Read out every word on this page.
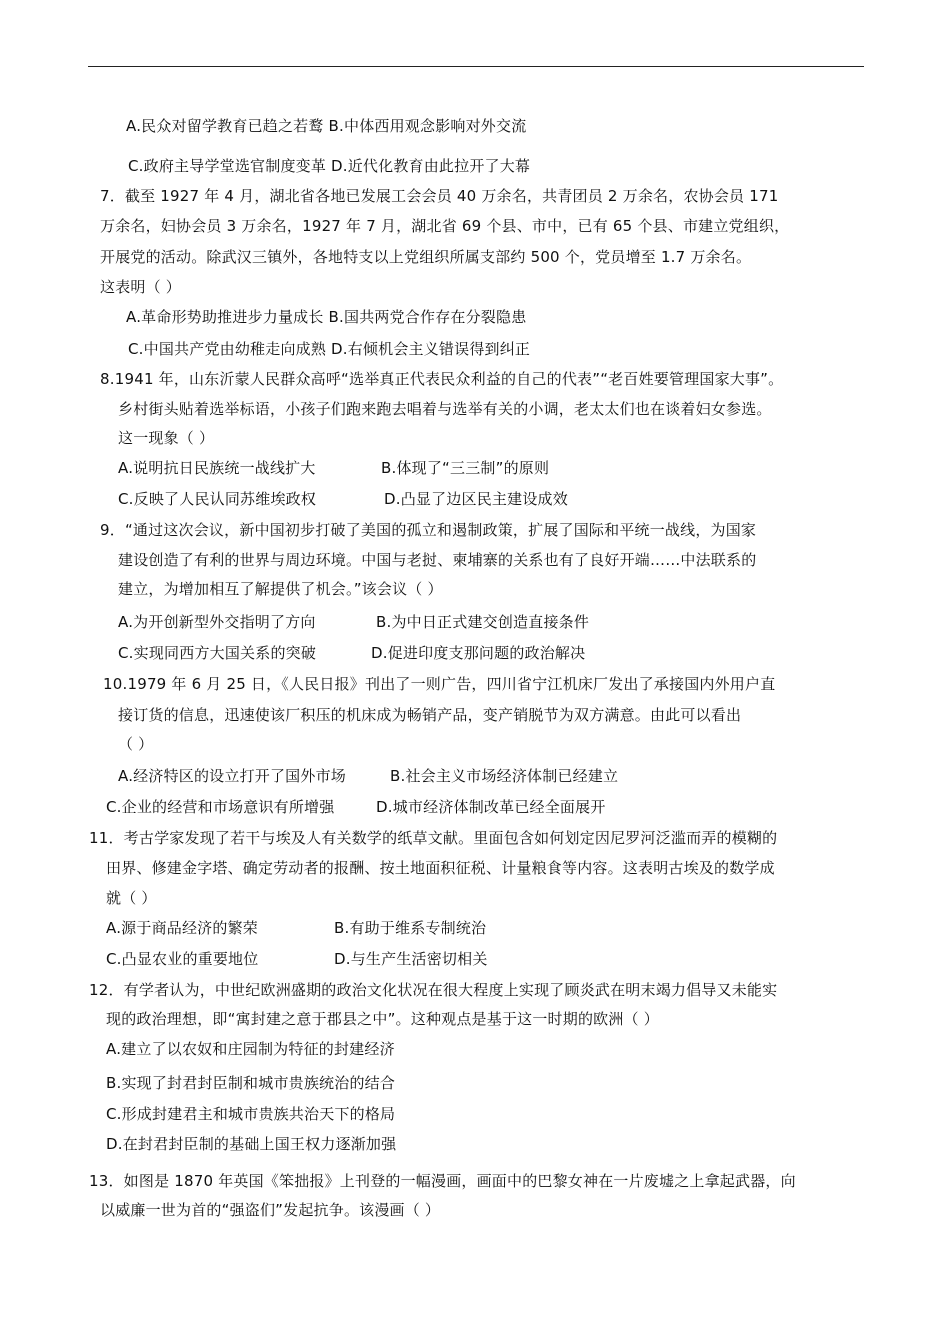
A.民众对留学教育已趋之若鹜 B.中体西用观念影响对外交流
C.政府主导学堂选官制度变革 D.近代化教育由此拉开了大幕
7．截至 1927 年 4 月，湖北省各地已发展工会会员 40 万余名，共青团员 2 万余名，农协会员 171
万余名，妇协会员 3 万余名，1927 年 7 月，湖北省 69 个县、市中，已有 65 个县、市建立党组织，
开展党的活动。除武汉三镇外，各地特支以上党组织所属支部约 500 个，党员增至 1.7 万余名。
这表明（ ）
A.革命形势助推进步力量成长 B.国共两党合作存在分裂隐患
C.中国共产党由幼稚走向成熟 D.右倾机会主义错误得到纠正
8.1941 年，山东沂蒙人民群众高呼“选举真正代表民众利益的自己的代表”“老百姓要管理国家大事”。
乡村街头贴着选举标语，小孩子们跑来跑去唱着与选举有关的小调，老太太们也在谈着妇女参选。
这一现象（ ）
A.说明抗日民族统一战线扩大	B.体现了“三三制”的原则
C.反映了人民认同苏维埃政权	D.凸显了边区民主建设成效
9．“通过这次会议，新中国初步打破了美国的孤立和遏制政策，扩展了国际和平统一战线，为国家
建设创造了有利的世界与周边环境。中国与老挝、柬埔寨的关系也有了良好开端……中法联系的
建立，为增加相互了解提供了机会。”该会议（ ）
A.为开创新型外交指明了方向	B.为中日正式建交创造直接条件
C.实现同西方大国关系的突破	D.促进印度支那问题的政治解决
10.1979 年 6 月 25 日，《人民日报》刊出了一则广告，四川省宁江机床厂发出了承接国内外用户直
接订货的信息，迅速使该厂积压的机床成为畅销产品，变产销脱节为双方满意。由此可以看出
（ ）
A.经济特区的设立打开了国外市场	B.社会主义市场经济体制已经建立
C.企业的经营和市场意识有所增强	D.城市经济体制改革已经全面展开
11．考古学家发现了若干与埃及人有关数学的纸草文献。里面包含如何划定因尼罗河泛滥而弄的模糊的
田界、修建金字塔、确定劳动者的报酬、按土地面积征税、计量粮食等内容。这表明古埃及的数学成
就（ ）
A.源于商品经济的繁荣	B.有助于维系专制统治
C.凸显农业的重要地位	D.与生产生活密切相关
12．有学者认为，中世纪欧洲盛期的政治文化状况在很大程度上实现了顾炎武在明末竭力倡导又未能实
现的政治理想，即“寓封建之意于郡县之中”。这种观点是基于这一时期的欧洲（ ）
A.建立了以农奴和庄园制为特征的封建经济
B.实现了封君封臣制和城市贵族统治的结合
C.形成封建君主和城市贵族共治天下的格局
D.在封君封臣制的基础上国王权力逐渐加强
13．如图是 1870 年英国《笨拙报》上刊登的一幅漫画，画面中的巴黎女神在一片废墟之上拿起武器，向
以威廉一世为首的“强盗们”发起抗争。该漫画（ ）
